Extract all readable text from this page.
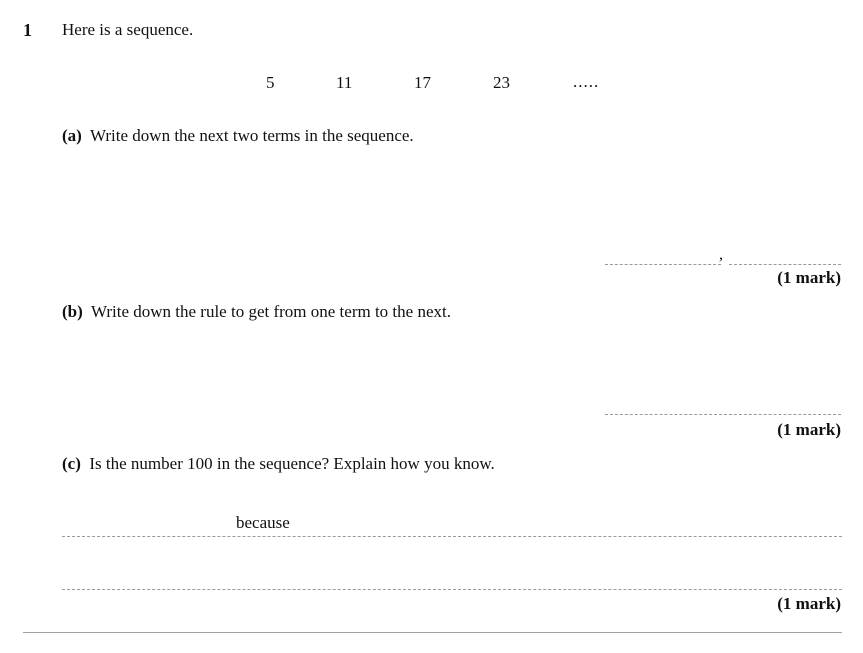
1 Here is a sequence.
5	11	17	23	.....
(a) Write down the next two terms in the sequence.
,
(1 mark)
(b) Write down the rule to get from one term to the next.
(1 mark)
(c) Is the number 100 in the sequence? Explain how you know.
because
(1 mark)
